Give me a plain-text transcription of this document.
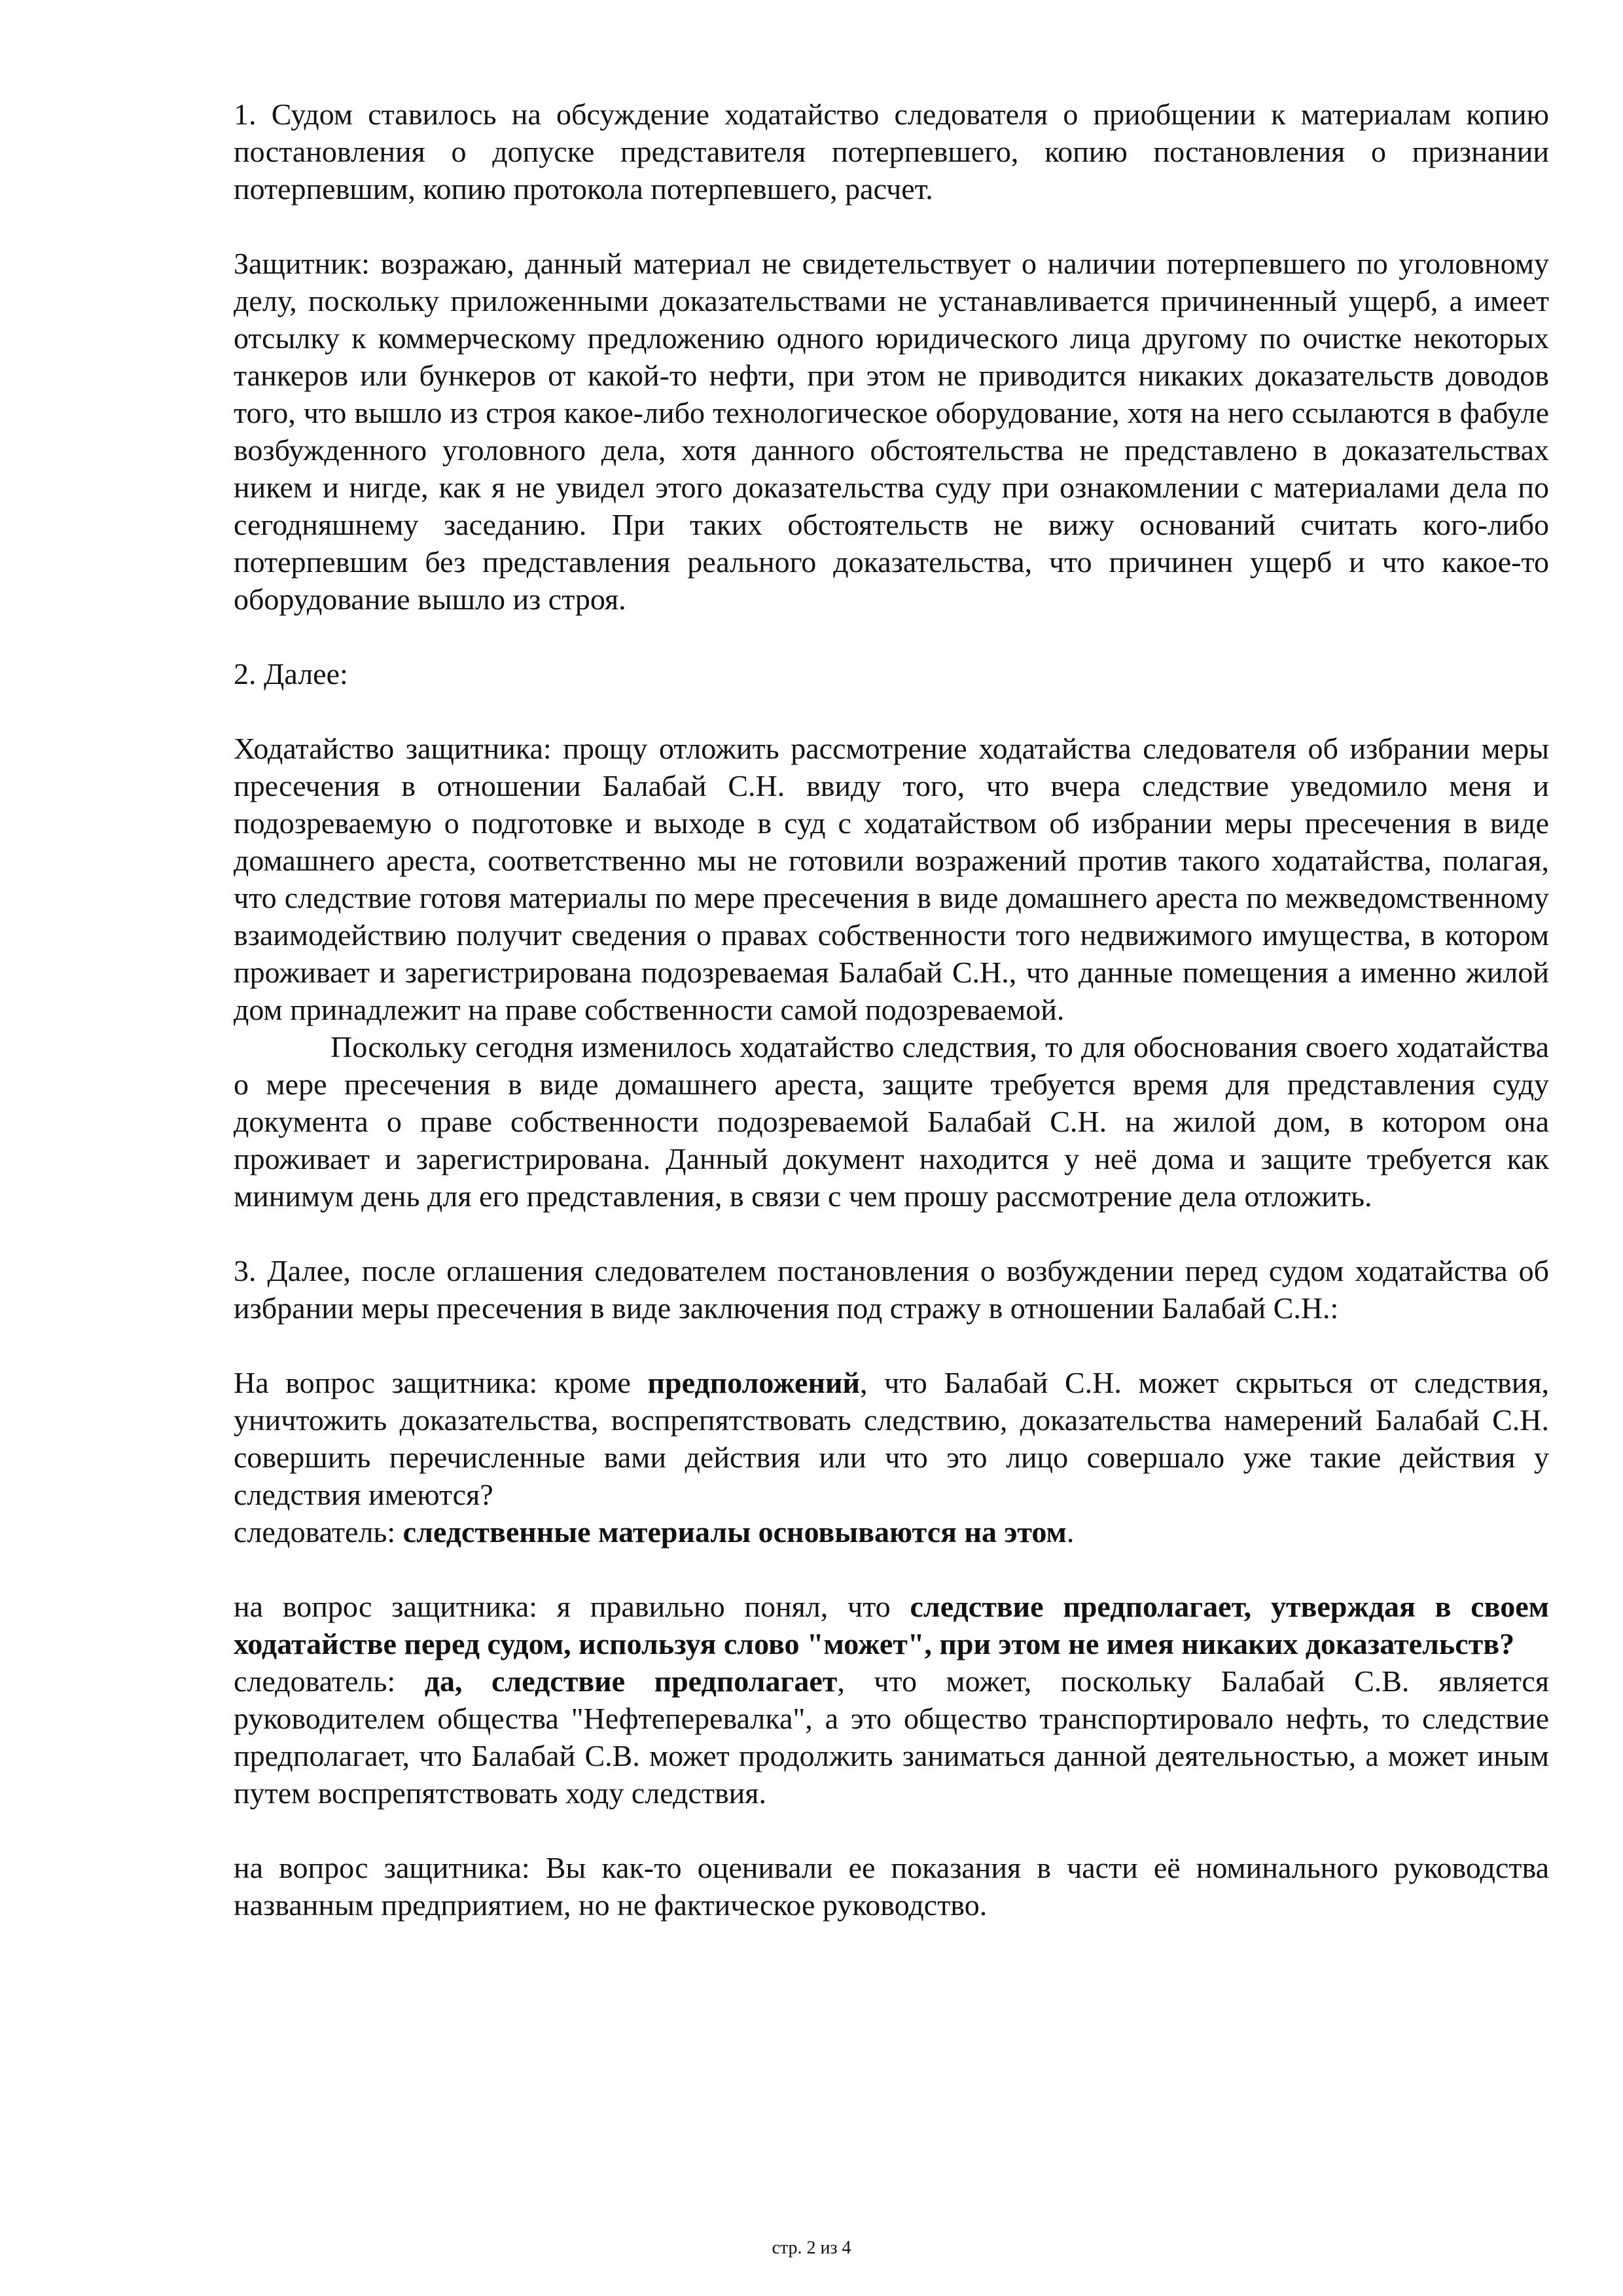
1. Судом ставилось на обсуждение ходатайство следователя о приобщении к материалам копию постановления о допуске представителя потерпевшего, копию постановления о признании потерпевшим, копию протокола потерпевшего, расчет.

Защитник: возражаю, данный материал не свидетельствует о наличии потерпевшего по уголовному делу, поскольку приложенными доказательствами не устанавливается причиненный ущерб, а имеет отсылку к коммерческому предложению одного юридического лица другому по очистке некоторых танкеров или бункеров от какой-то нефти, при этом не приводится никаких доказательств доводов того, что вышло из строя какое-либо технологическое оборудование, хотя на него ссылаются в фабуле возбужденного уголовного дела, хотя данного обстоятельства не представлено в доказательствах никем и нигде, как я не увидел этого доказательства суду при ознакомлении с материалами дела по сегодняшнему заседанию. При таких обстоятельств не вижу оснований считать кого-либо потерпевшим без представления реального доказательства, что причинен ущерб и что какое-то оборудование вышло из строя.

2. Далее:

Ходатайство защитника: прощу отложить рассмотрение ходатайства следователя об избрании меры пресечения в отношении Балабай С.Н. ввиду того, что вчера следствие уведомило меня и подозреваемую о подготовке и выходе в суд с ходатайством об избрании меры пресечения в виде домашнего ареста, соответственно мы не готовили возражений против такого ходатайства, полагая, что следствие готовя материалы по мере пресечения в виде домашнего ареста по межведомственному взаимодействию получит сведения о правах собственности того недвижимого имущества, в котором проживает и зарегистрирована подозреваемая Балабай С.Н., что данные помещения а именно жилой дом принадлежит на праве собственности самой подозреваемой.

Поскольку сегодня изменилось ходатайство следствия, то для обоснования своего ходатайства о мере пресечения в виде домашнего ареста, защите требуется время для представления суду документа о праве собственности подозреваемой Балабай С.Н. на жилой дом, в котором она проживает и зарегистрирована. Данный документ находится у неё дома и защите требуется как минимум день для его представления, в связи с чем прошу рассмотрение дела отложить.

3. Далее, после оглашения следователем постановления о возбуждении перед судом ходатайства об избрании меры пресечения в виде заключения под стражу в отношении Балабай С.Н.:

На вопрос защитника: кроме предположений, что Балабай С.Н. может скрыться от следствия, уничтожить доказательства, воспрепятствовать следствию, доказательства намерений Балабай С.Н. совершить перечисленные вами действия или что это лицо совершало уже такие действия у следствия имеются?

следователь: следственные материалы основываются на этом.

на вопрос защитника: я правильно понял, что следствие предполагает, утверждая в своем ходатайстве перед судом, используя слово "может", при этом не имея никаких доказательств?

следователь: да, следствие предполагает, что может, поскольку Балабай С.В. является руководителем общества "Нефтеперевалка", а это общество транспортировало нефть, то следствие предполагает, что Балабай С.В. может продолжить заниматься данной деятельностью, а может иным путем воспрепятствовать ходу следствия.

на вопрос защитника: Вы как-то оценивали ее показания в части её номинального руководства названным предприятием, но не фактическое руководство.

стр. 2 из 4
